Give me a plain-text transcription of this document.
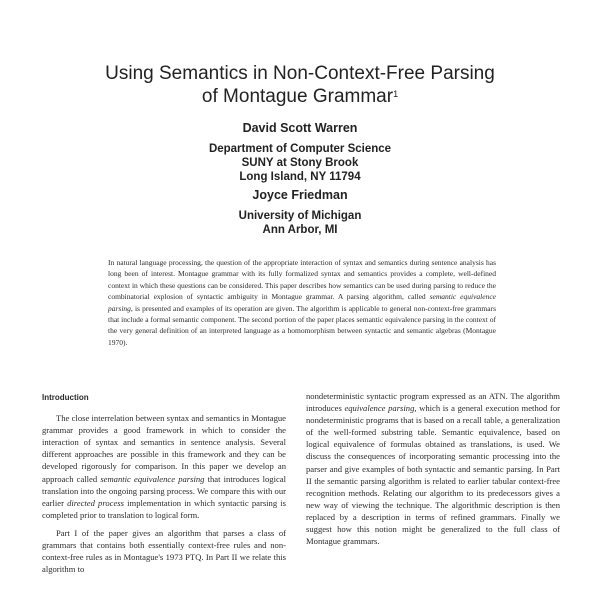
Using Semantics in Non-Context-Free Parsing
of Montague Grammar$^1$
David Scott Warren
Department of Computer Science
SUNY at Stony Brook
Long Island, NY 11794
Joyce Friedman
University of Michigan
Ann Arbor, MI
In natural language processing, the question of the appropriate interaction of syntax and semantics during sentence analysis has long been of interest. Montague grammar with its fully formalized syntax and semantics provides a complete, well-defined context in which these questions can be considered. This paper describes how semantics can be used during parsing to reduce the combinatorial explosion of syntactic ambiguity in Montague grammar. A parsing algorithm, called semantic equivalence parsing, is presented and examples of its operation are given. The algorithm is applicable to general non-context-free grammars that include a formal semantic component. The second portion of the paper places semantic equivalence parsing in the context of the very general definition of an interpreted language as a homomorphism between syntactic and semantic algebras (Montague 1970).
Introduction

The close interrelation between syntax and semantics in Montague grammar provides a good framework in which to consider the interaction of syntax and semantics in sentence analysis. Several different approaches are possible in this framework and they can be developed rigorously for comparison. In this paper we develop an approach called semantic equivalence parsing that introduces logical translation into the ongoing parsing process. We compare this with our earlier directed process implementation in which syntactic parsing is completed prior to translation to logical form.

Part I of the paper gives an algorithm that parses a class of grammars that contains both essentially context-free rules and non-context-free rules as in Montague's 1973 PTQ. In Part II we relate this algorithm to

nondeterministic syntactic program expressed as an ATN. The algorithm introduces equivalence parsing, which is a general execution method for nondeterministic programs that is based on a recall table, a generalization of the well-formed substring table. Semantic equivalence, based on logical equivalence of formulas obtained as translations, is used. We discuss the consequences of incorporating semantic processing into the parser and give examples of both syntactic and semantic parsing. In Part II the semantic parsing algorithm is related to earlier tabular context-free recognition methods. Relating our algorithm to its predecessors gives a new way of viewing the technique. The algorithmic description is then replaced by a description in terms of refined grammars. Finally we suggest how this notion might be generalized to the full class of Montague grammars.
